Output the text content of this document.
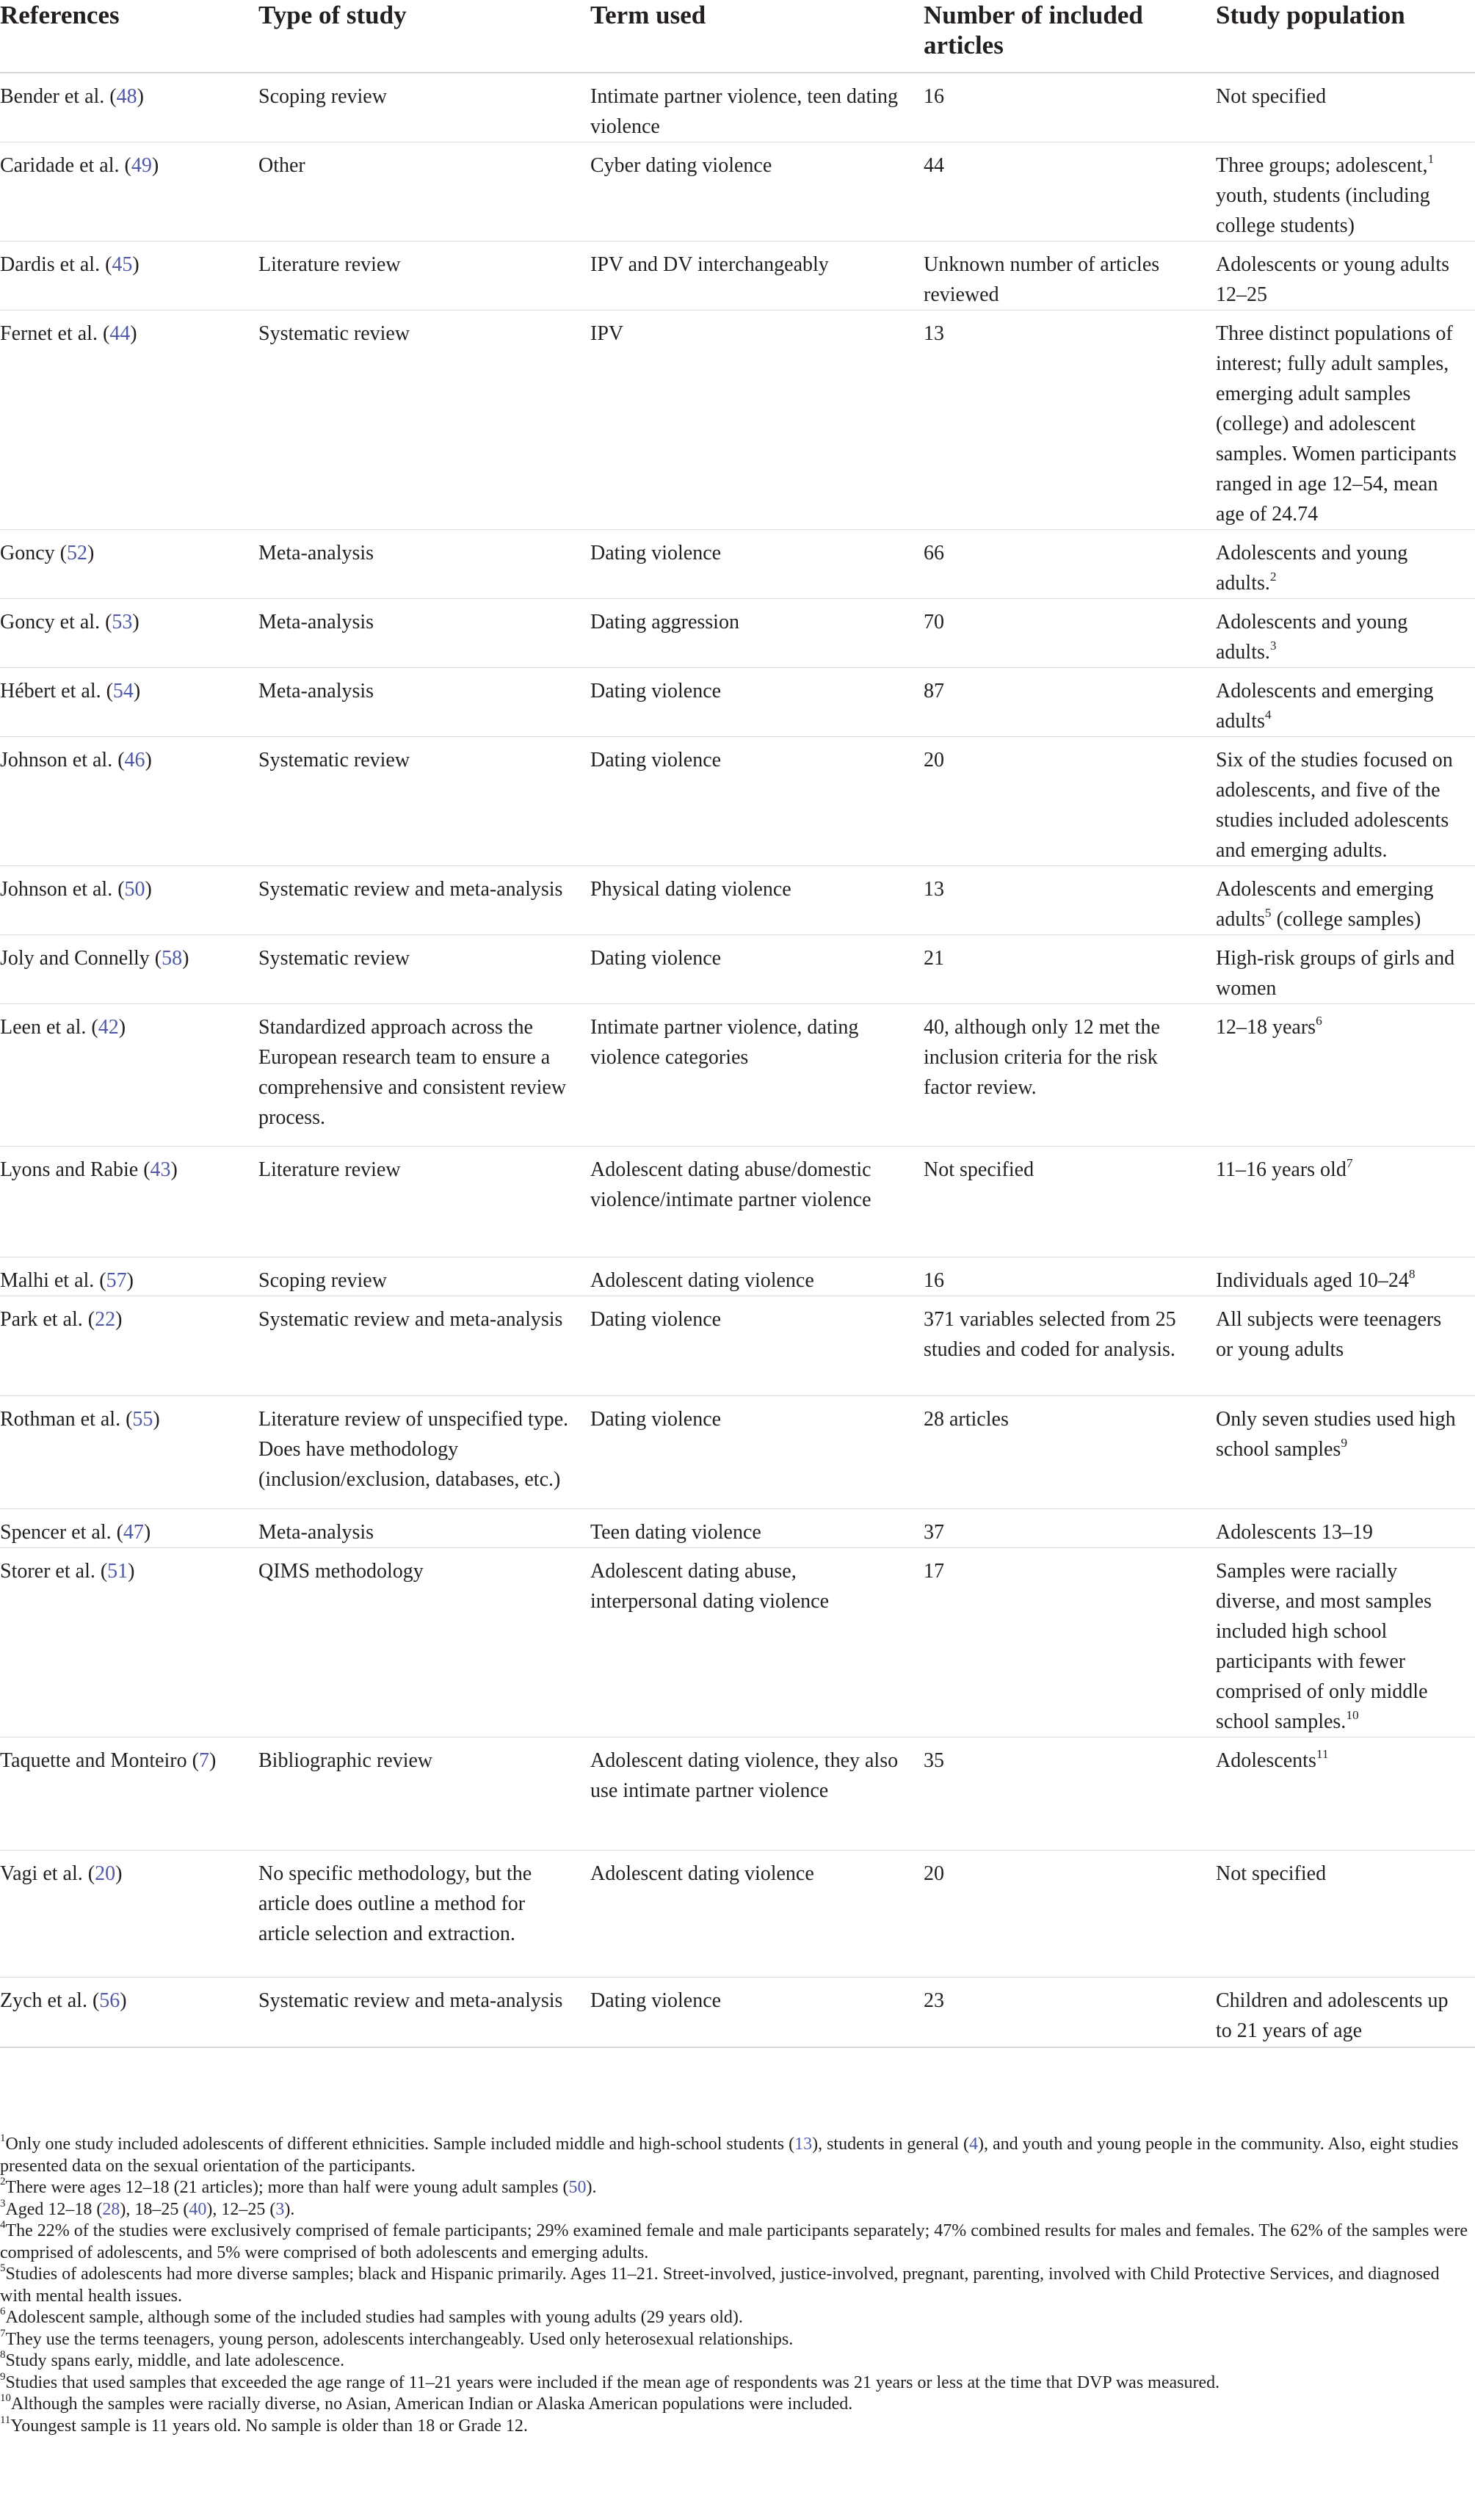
References	Type of study	Term used	Number of included articles	Study population
Bender et al. (48)	Scoping review	Intimate partner violence, teen dating violence	16	Not specified
Caridade et al. (49)	Other	Cyber dating violence	44	Three groups; adolescent,$^1$ youth, students (including college students)
Dardis et al. (45)	Literature review	IPV and DV interchangeably	Unknown number of articles reviewed	Adolescents or young adults 12–25
Fernet et al. (44)	Systematic review	IPV	13	Three distinct populations of interest; fully adult samples, emerging adult samples (college) and adolescent samples. Women participants ranged in age 12–54, mean age of 24.74
Goncy (52)	Meta-analysis	Dating violence	66	Adolescents and young adults.$^2$
Goncy et al. (53)	Meta-analysis	Dating aggression	70	Adolescents and young adults.$^3$
Hébert et al. (54)	Meta-analysis	Dating violence	87	Adolescents and emerging adults$^4$
Johnson et al. (46)	Systematic review	Dating violence	20	Six of the studies focused on adolescents, and five of the studies included adolescents and emerging adults.
Johnson et al. (50)	Systematic review and meta-analysis	Physical dating violence	13	Adolescents and emerging adults$^5$ (college samples)
Joly and Connelly (58)	Systematic review	Dating violence	21	High-risk groups of girls and women
Leen et al. (42)	Standardized approach across the European research team to ensure a comprehensive and consistent review process.	Intimate partner violence, dating violence categories	40, although only 12 met the inclusion criteria for the risk factor review.	12–18 years$^6$
Lyons and Rabie (43)	Literature review	Adolescent dating abuse/domestic violence/intimate partner violence	Not specified	11–16 years old$^7$
Malhi et al. (57)	Scoping review	Adolescent dating violence	16	Individuals aged $10-24^8$
Park et al. (22)	Systematic review and meta-analysis	Dating violence	371 variables selected from 25 studies and coded for analysis.	All subjects were teenagers or young adults
Rothman et al. (55)	Literature review of unspecified type. Does have methodology (inclusion/exclusion, databases, etc.)	Dating violence	28 articles	Only seven studies used high school samples$^9$
Spencer et al. (47)	Meta-analysis	Teen dating violence	37	Adolescents 13–19
Storer et al. (51)	QIMS methodology	Adolescent dating abuse, interpersonal dating violence	17	Samples were racially diverse, and most samples included high school participants with fewer comprised of only middle school samples.$^{10}$
Taquette and Monteiro (7)	Bibliographic review	Adolescent dating violence, they also use intimate partner violence	35	Adolescents$^{11}$
Vagi et al. (20)	No specific methodology, but the article does outline a method for article selection and extraction.	Adolescent dating violence	20	Not specified
Zych et al. (56)	Systematic review and meta-analysis	Dating violence	23	Children and adolescents up to 21 years of age

$^1$Only one study included adolescents of different ethnicities. Sample included middle and high-school students (13), students in general (4), and youth and young people in the community. Also, eight studies presented data on the sexual orientation of the participants.

$^2$There were ages 12–18 (21 articles); more than half were young adult samples (50).

$^3$Aged 12–18 (28), 18–25 (40), 12–25 (3).

$^4$The 22% of the studies were exclusively comprised of female participants; 29% examined female and male participants separately; 47% combined results for males and females. The 62% of the samples were comprised of adolescents, and 5% were comprised of both adolescents and emerging adults.

$^5$Studies of adolescents had more diverse samples; black and Hispanic primarily. Ages 11–21. Street-involved, justice-involved, pregnant, parenting, involved with Child Protective Services, and diagnosed with mental health issues.

$^6$Adolescent sample, although some of the included studies had samples with young adults (29 years old).

$^7$They use the terms teenagers, young person, adolescents interchangeably. Used only heterosexual relationships.

$^8$Study spans early, middle, and late adolescence.

$^9$Studies that used samples that exceeded the age range of 11–21 years were included if the mean age of respondents was 21 years or less at the time that DVP was measured.

$^{10}$Although the samples were racially diverse, no Asian, American Indian or Alaska American populations were included.

$^{11}$Youngest sample is 11 years old. No sample is older than 18 or Grade 12.
